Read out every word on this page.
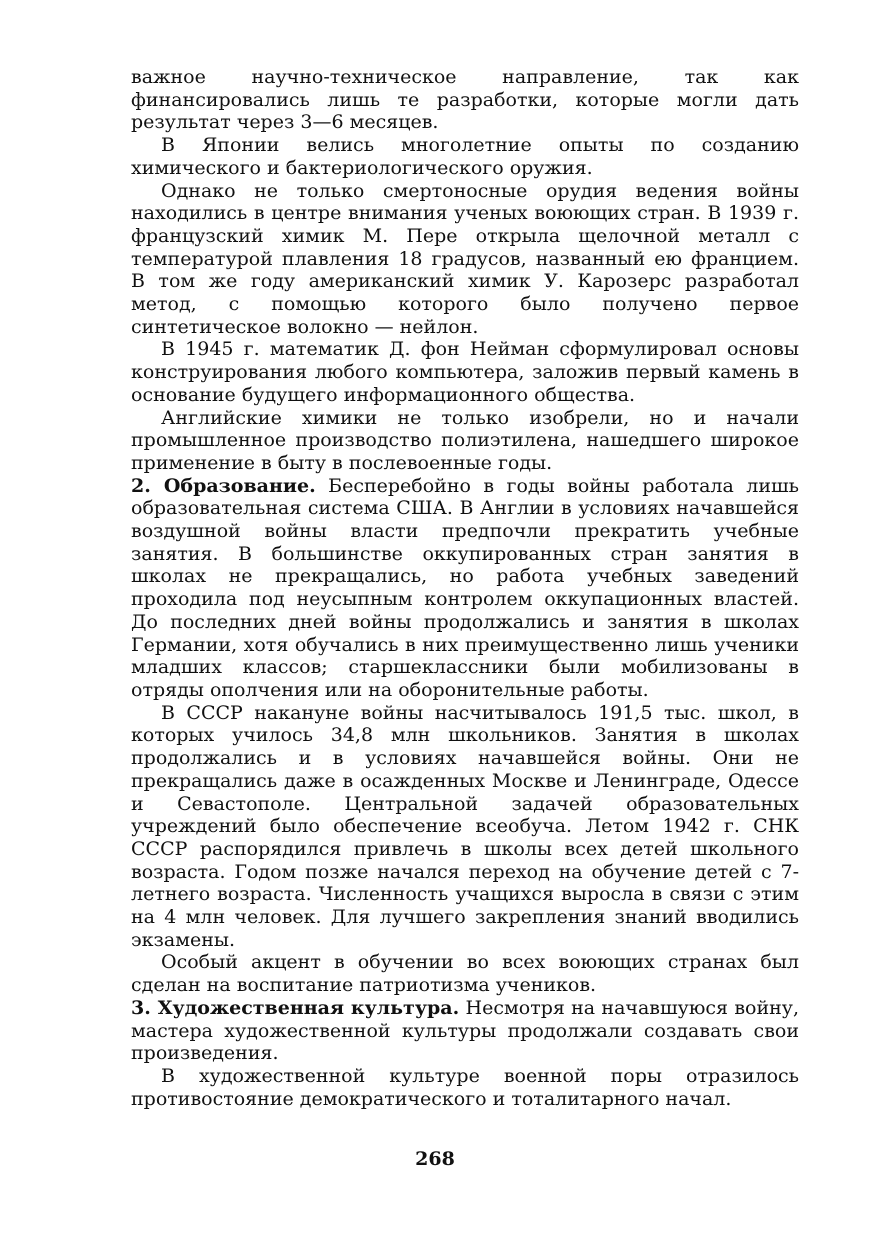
важное научно-техническое направление, так как финансировались лишь те разработки, которые могли дать результат через 3—6 месяцев.

В Японии велись многолетние опыты по созданию химического и бактериологического оружия.

Однако не только смертоносные орудия ведения войны находились в центре внимания ученых воюющих стран. В 1939 г. французский химик М. Пере открыла щелочной металл с температурой плавления 18 градусов, названный ею францием. В том же году американский химик У. Карозерс разработал метод, с помощью которого было получено первое синтетическое волокно — нейлон.

В 1945 г. математик Д. фон Нейман сформулировал основы конструирования любого компьютера, заложив первый камень в основание будущего информационного общества.

Английские химики не только изобрели, но и начали промышленное производство полиэтилена, нашедшего широкое применение в быту в послевоенные годы.

2. Образование. Бесперебойно в годы войны работала лишь образовательная система США. В Англии в условиях начавшейся воздушной войны власти предпочли прекратить учебные занятия. В большинстве оккупированных стран занятия в школах не прекращались, но работа учебных заведений проходила под неусыпным контролем оккупационных властей. До последних дней войны продолжались и занятия в школах Германии, хотя обучались в них преимущественно лишь ученики младших классов; старшеклассники были мобилизованы в отряды ополчения или на оборонительные работы.

В СССР накануне войны насчитывалось 191,5 тыс. школ, в которых училось 34,8 млн школьников. Занятия в школах продолжались и в условиях начавшейся войны. Они не прекращались даже в осажденных Москве и Ленинграде, Одессе и Севастополе. Центральной задачей образовательных учреждений было обеспечение всеобуча. Летом 1942 г. СНК СССР распорядился привлечь в школы всех детей школьного возраста. Годом позже начался переход на обучение детей с 7-летнего возраста. Численность учащихся выросла в связи с этим на 4 млн человек. Для лучшего закрепления знаний вводились экзамены.

Особый акцент в обучении во всех воюющих странах был сделан на воспитание патриотизма учеников.

3. Художественная культура. Несмотря на начавшуюся войну, мастера художественной культуры продолжали создавать свои произведения.

В художественной культуре военной поры отразилось противостояние демократического и тоталитарного начал.

268
